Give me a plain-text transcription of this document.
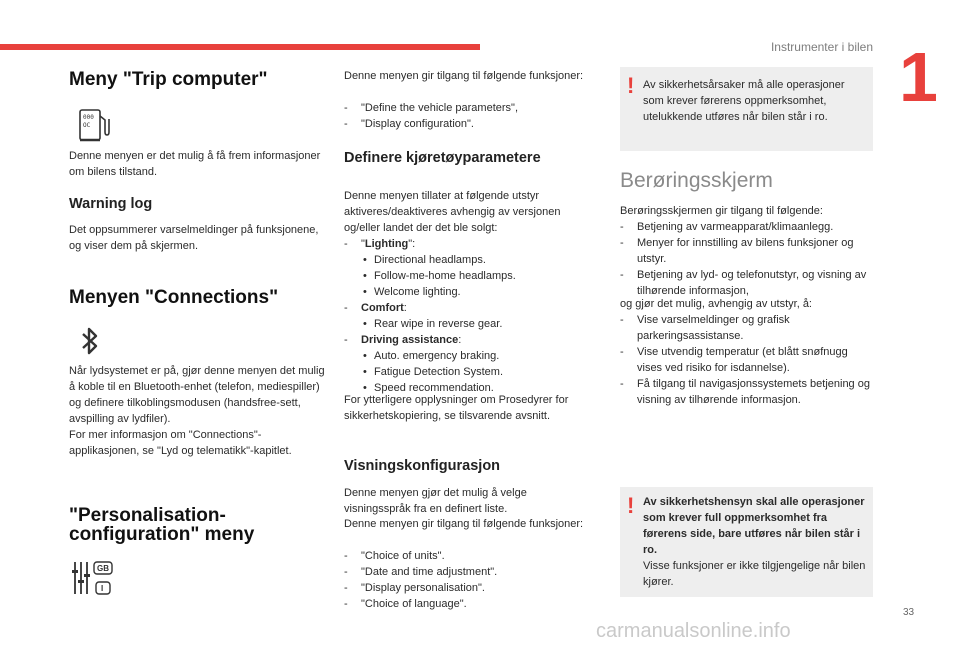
Instrumenter i bilen 1
Meny "Trip computer"
000
OC

Denne menyen er det mulig å få frem informasjoner om bilens tilstand.

Warning log

Det oppsummerer varselmeldinger på funksjonene, og viser dem på skjermen.

Menyen "Connections"

Når lydsystemet er på, gjør denne menyen det mulig å koble til en Bluetooth-enhet (telefon, mediespiller) og definere tilkoblingsmodusen (handsfree-sett, avspilling av lydfiler).

For mer informasjon om "Connections"-applikasjonen, se "Lyd og telematikk"-kapitlet.

"Personalisation-
configuration" meny
GB
I

Denne menyen gir tilgang til følgende funksjoner:

- "Define the vehicle parameters",
- "Display configuration".
Definere kjøretøyparametere

Denne menyen tillater at følgende utstyr aktiveres/deaktiveres avhengig av versjonen og/eller landet der det ble solgt:

- "Lighting":
• Directional headlamps.
• Follow-me-home headlamps.
• Welcome lighting.
- Comfort:
• Rear wipe in reverse gear.
- Driving assistance:
• Auto. emergency braking.
• Fatigue Detection System.
• Speed recommendation.

For ytterligere opplysninger om Prosedyrer for sikkerhetskopiering, se tilsvarende avsnitt.

Visningskonfigurasjon

Denne menyen gjør det mulig å velge visningsspråk fra en definert liste.

Denne menyen gir tilgang til følgende funksjoner:

- "Choice of units".
- "Date and time adjustment".
- "Display personalisation".
- "Choice of language".
! Av sikkerhetsårsaker må alle operasjoner som krever førerens oppmerksomhet, utelukkende utføres når bilen står i ro.

Berøringsskjerm

Berøringsskjermen gir tilgang til følgende:

- Betjening av varmeapparat/klimaanlegg.
- Menyer for innstilling av bilens funksjoner og utstyr.
- Betjening av lyd- og telefonutstyr, og visning av tilhørende informasjon,

og gjør det mulig, avhengig av utstyr, å:

- Vise varselmeldinger og grafisk parkeringsassistanse.
- Vise utvendig temperatur (et blått snøfnugg vises ved risiko for isdannelse).
- Få tilgang til navigasjonssystemets betjening og visning av tilhørende informasjon.
! Av sikkerhetshensyn skal alle operasjoner som krever full oppmerksomhet fra førerens side, bare utføres når bilen står i ro.

Visse funksjoner er ikke tilgjengelige når bilen kjører.

33
carmanualsonline.info
